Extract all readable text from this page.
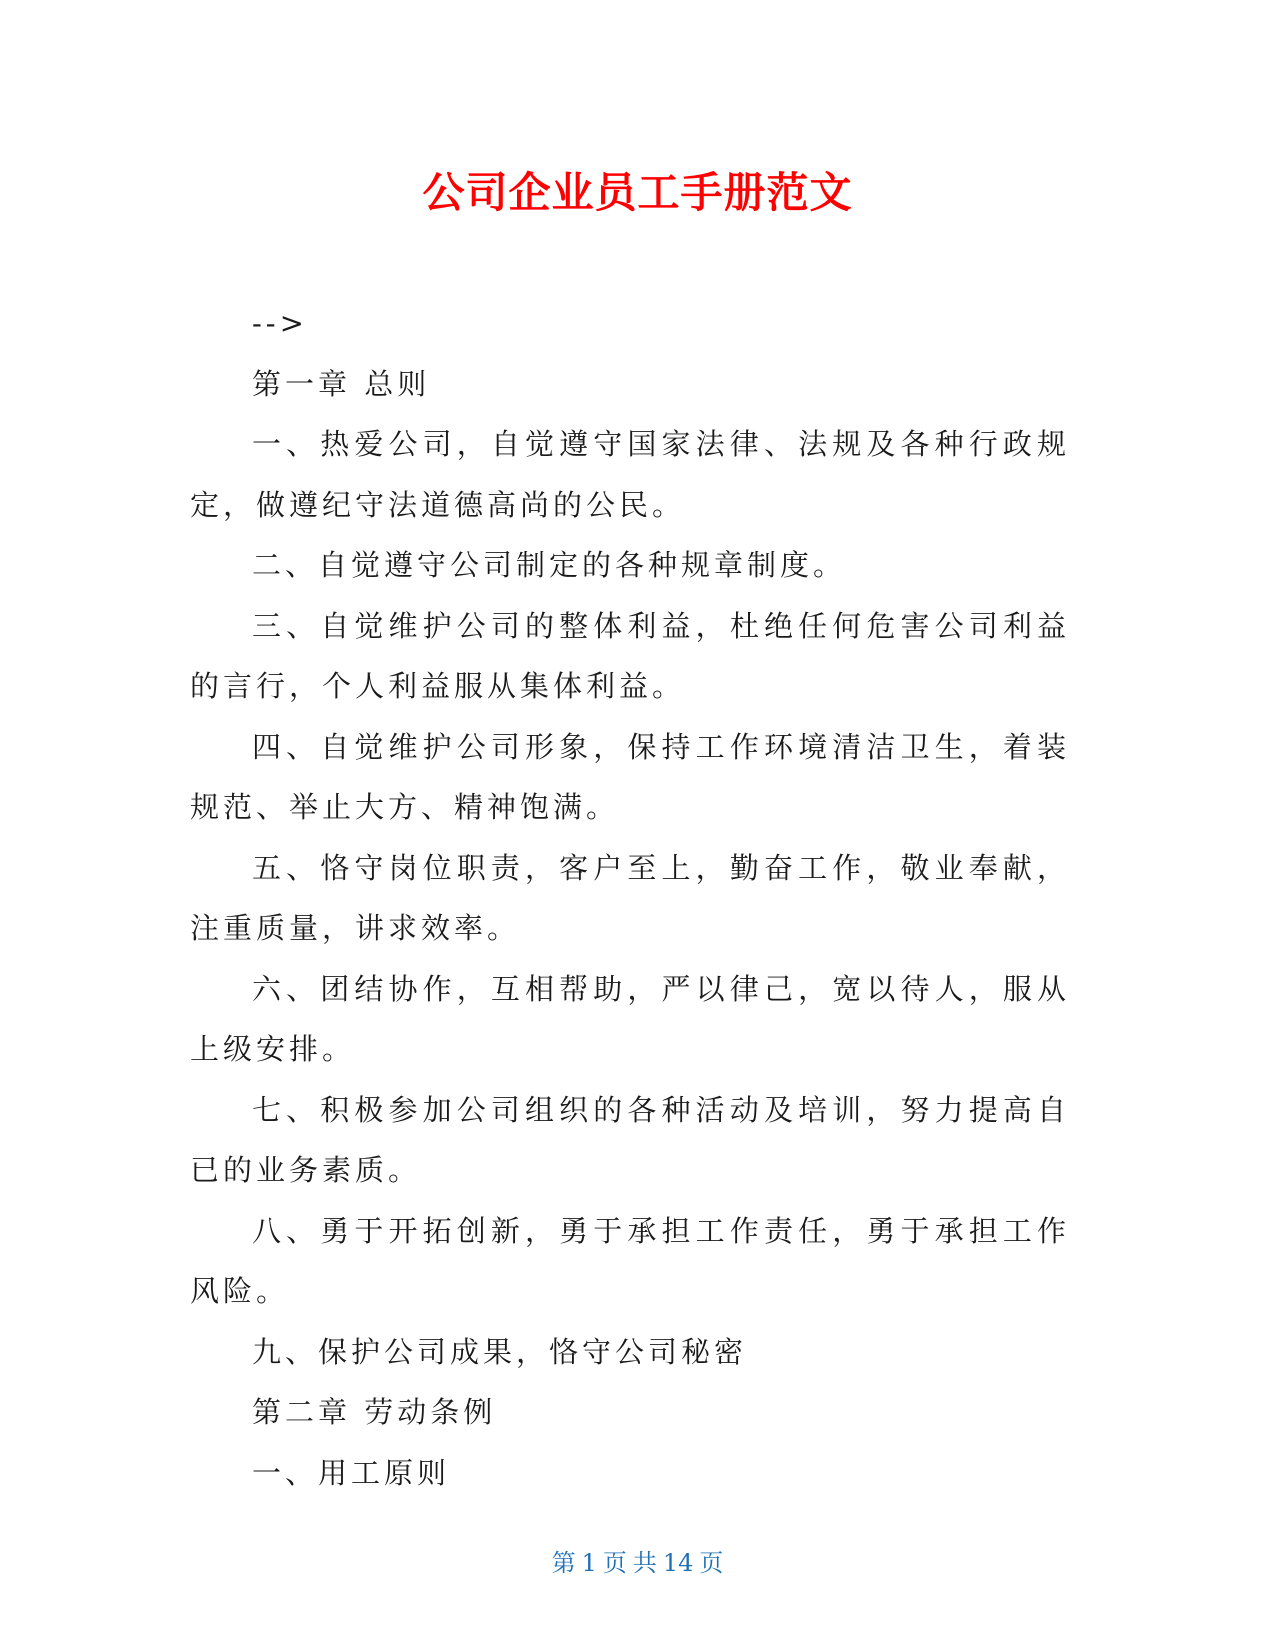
公司企业员工手册范文

-->

第一章 总则

一、热爱公司，自觉遵守国家法律、法规及各种行政规定，做遵纪守法道德高尚的公民。

二、自觉遵守公司制定的各种规章制度。

三、自觉维护公司的整体利益，杜绝任何危害公司利益的言行，个人利益服从集体利益。

四、自觉维护公司形象，保持工作环境清洁卫生，着装规范、举止大方、精神饱满。

五、恪守岗位职责，客户至上，勤奋工作，敬业奉献，注重质量，讲求效率。

六、团结协作，互相帮助，严以律己，宽以待人，服从上级安排。

七、积极参加公司组织的各种活动及培训，努力提高自已的业务素质。

八、勇于开拓创新，勇于承担工作责任，勇于承担工作风险。

九、保护公司成果，恪守公司秘密

第二章 劳动条例

一、用工原则

第 1 页 共 14 页
